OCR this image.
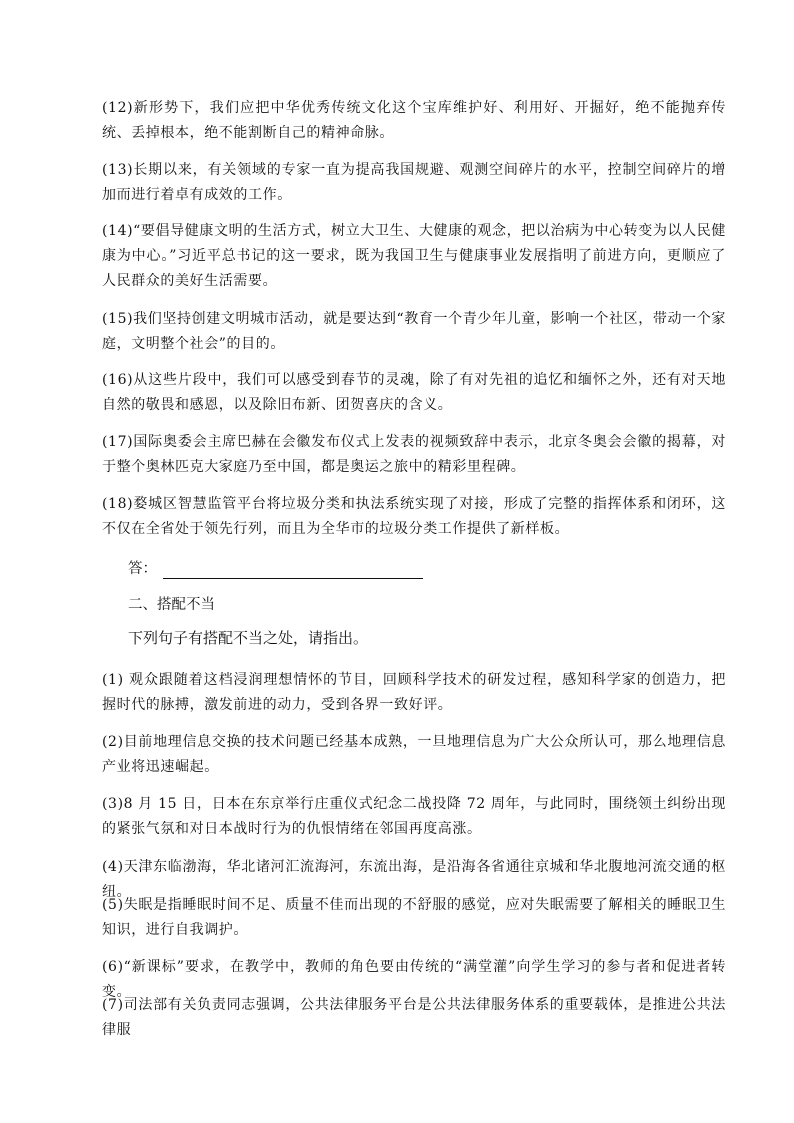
(12)新形势下，我们应把中华优秀传统文化这个宝库维护好、利用好、开掘好，绝不能抛弃传统、丢掉根本，绝不能割断自己的精神命脉。

(13)长期以来，有关领域的专家一直为提高我国规避、观测空间碎片的水平，控制空间碎片的增加而进行着卓有成效的工作。

(14)“要倡导健康文明的生活方式，树立大卫生、大健康的观念，把以治病为中心转变为以人民健康为中心。”习近平总书记的这一要求，既为我国卫生与健康事业发展指明了前进方向，更顺应了人民群众的美好生活需要。

(15)我们坚持创建文明城市活动，就是要达到“教育一个青少年儿童，影响一个社区，带动一个家庭，文明整个社会”的目的。

(16)从这些片段中，我们可以感受到春节的灵魂，除了有对先祖的追忆和缅怀之外，还有对天地自然的敬畏和感恩，以及除旧布新、团贺喜庆的含义。

(17)国际奥委会主席巴赫在会徽发布仪式上发表的视频致辞中表示，北京冬奥会会徽的揭幕，对于整个奥林匹克大家庭乃至中国，都是奥运之旅中的精彩里程碑。

(18)婺城区智慧监管平台将垃圾分类和执法系统实现了对接，形成了完整的指挥体系和闭环，这不仅在全省处于领先行列，而且为全华市的垃圾分类工作提供了新样板。

答：
二、搭配不当
下列句子有搭配不当之处，请指出。

(1) 观众跟随着这档浸润理想情怀的节目，回顾科学技术的研发过程，感知科学家的创造力，把握时代的脉搏，激发前进的动力，受到各界一致好评。

(2)目前地理信息交换的技术问题已经基本成熟，一旦地理信息为广大公众所认可，那么地理信息产业将迅速崛起。

(3)8 月 15 日，日本在东京举行庄重仪式纪念二战投降 72 周年，与此同时，围绕领土纠纷出现的紧张气氛和对日本战时行为的仇恨情绪在邻国再度高涨。

(4)天津东临渤海，华北诸河汇流海河，东流出海，是沿海各省通往京城和华北腹地河流交通的枢纽。

(5)失眠是指睡眠时间不足、质量不佳而出现的不舒服的感觉，应对失眠需要了解相关的睡眠卫生知识，进行自我调护。

(6)“新课标”要求，在教学中，教师的角色要由传统的“满堂灌”向学生学习的参与者和促进者转变。

(7)司法部有关负责同志强调，公共法律服务平台是公共法律服务体系的重要载体，是推进公共法律服
